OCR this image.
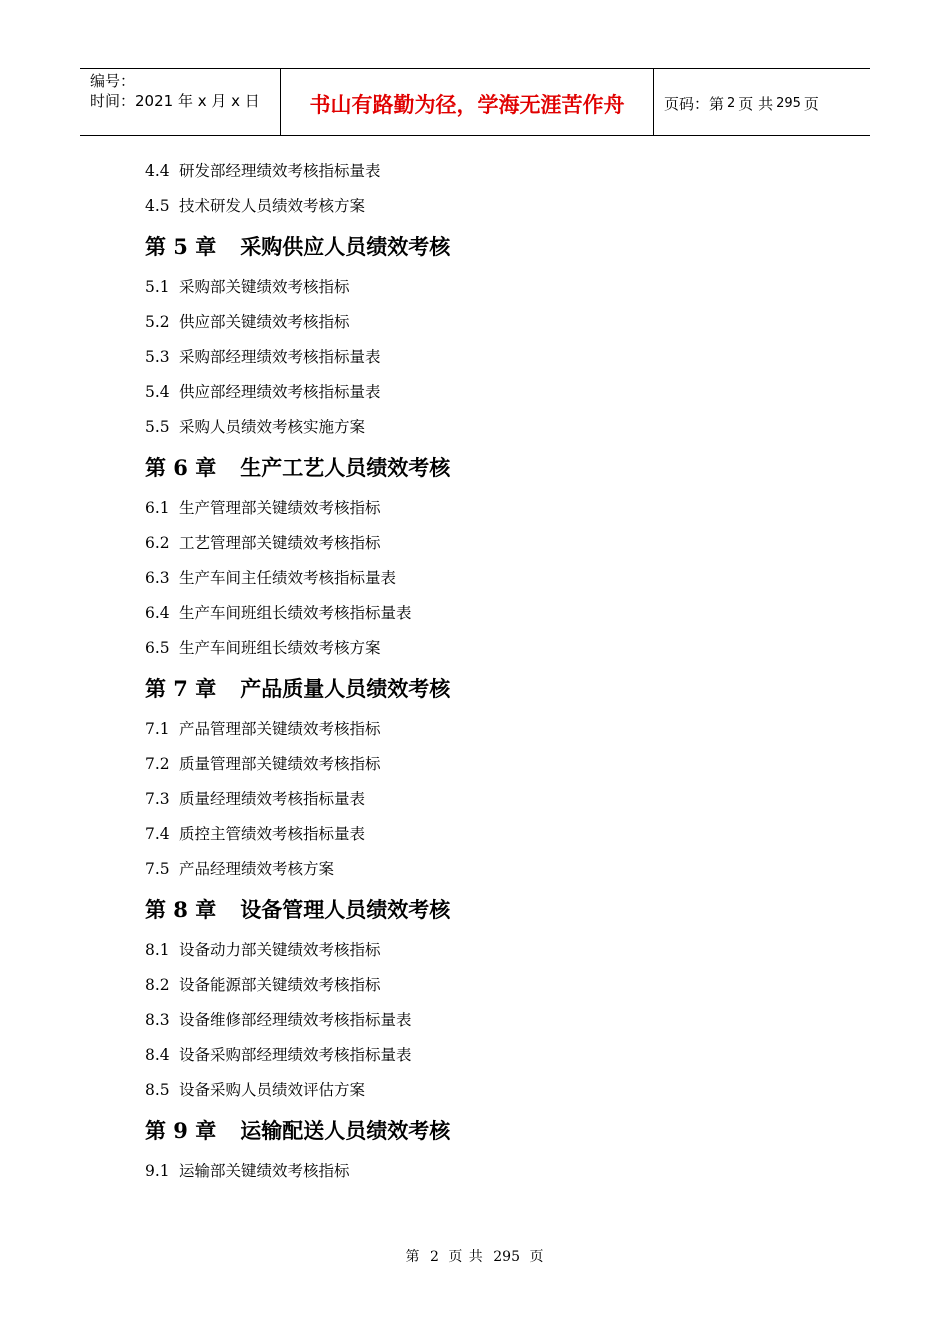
编号：
时间：2021 年 x 月 x 日	书山有路勤为径，学海无涯苦作舟	页码：第 2 页 共 295 页
4.4 研发部经理绩效考核指标量表
4.5 技术研发人员绩效考核方案
第 5 章 采购供应人员绩效考核
5.1 采购部关键绩效考核指标
5.2 供应部关键绩效考核指标
5.3 采购部经理绩效考核指标量表
5.4 供应部经理绩效考核指标量表
5.5 采购人员绩效考核实施方案
第 6 章 生产工艺人员绩效考核
6.1 生产管理部关键绩效考核指标
6.2 工艺管理部关键绩效考核指标
6.3 生产车间主任绩效考核指标量表
6.4 生产车间班组长绩效考核指标量表
6.5 生产车间班组长绩效考核方案
第 7 章 产品质量人员绩效考核
7.1 产品管理部关键绩效考核指标
7.2 质量管理部关键绩效考核指标
7.3 质量经理绩效考核指标量表
7.4 质控主管绩效考核指标量表
7.5 产品经理绩效考核方案
第 8 章 设备管理人员绩效考核
8.1 设备动力部关键绩效考核指标
8.2 设备能源部关键绩效考核指标
8.3 设备维修部经理绩效考核指标量表
8.4 设备采购部经理绩效考核指标量表
8.5 设备采购人员绩效评估方案
第 9 章 运输配送人员绩效考核
9.1 运输部关键绩效考核指标
第 2 页 共 295 页
